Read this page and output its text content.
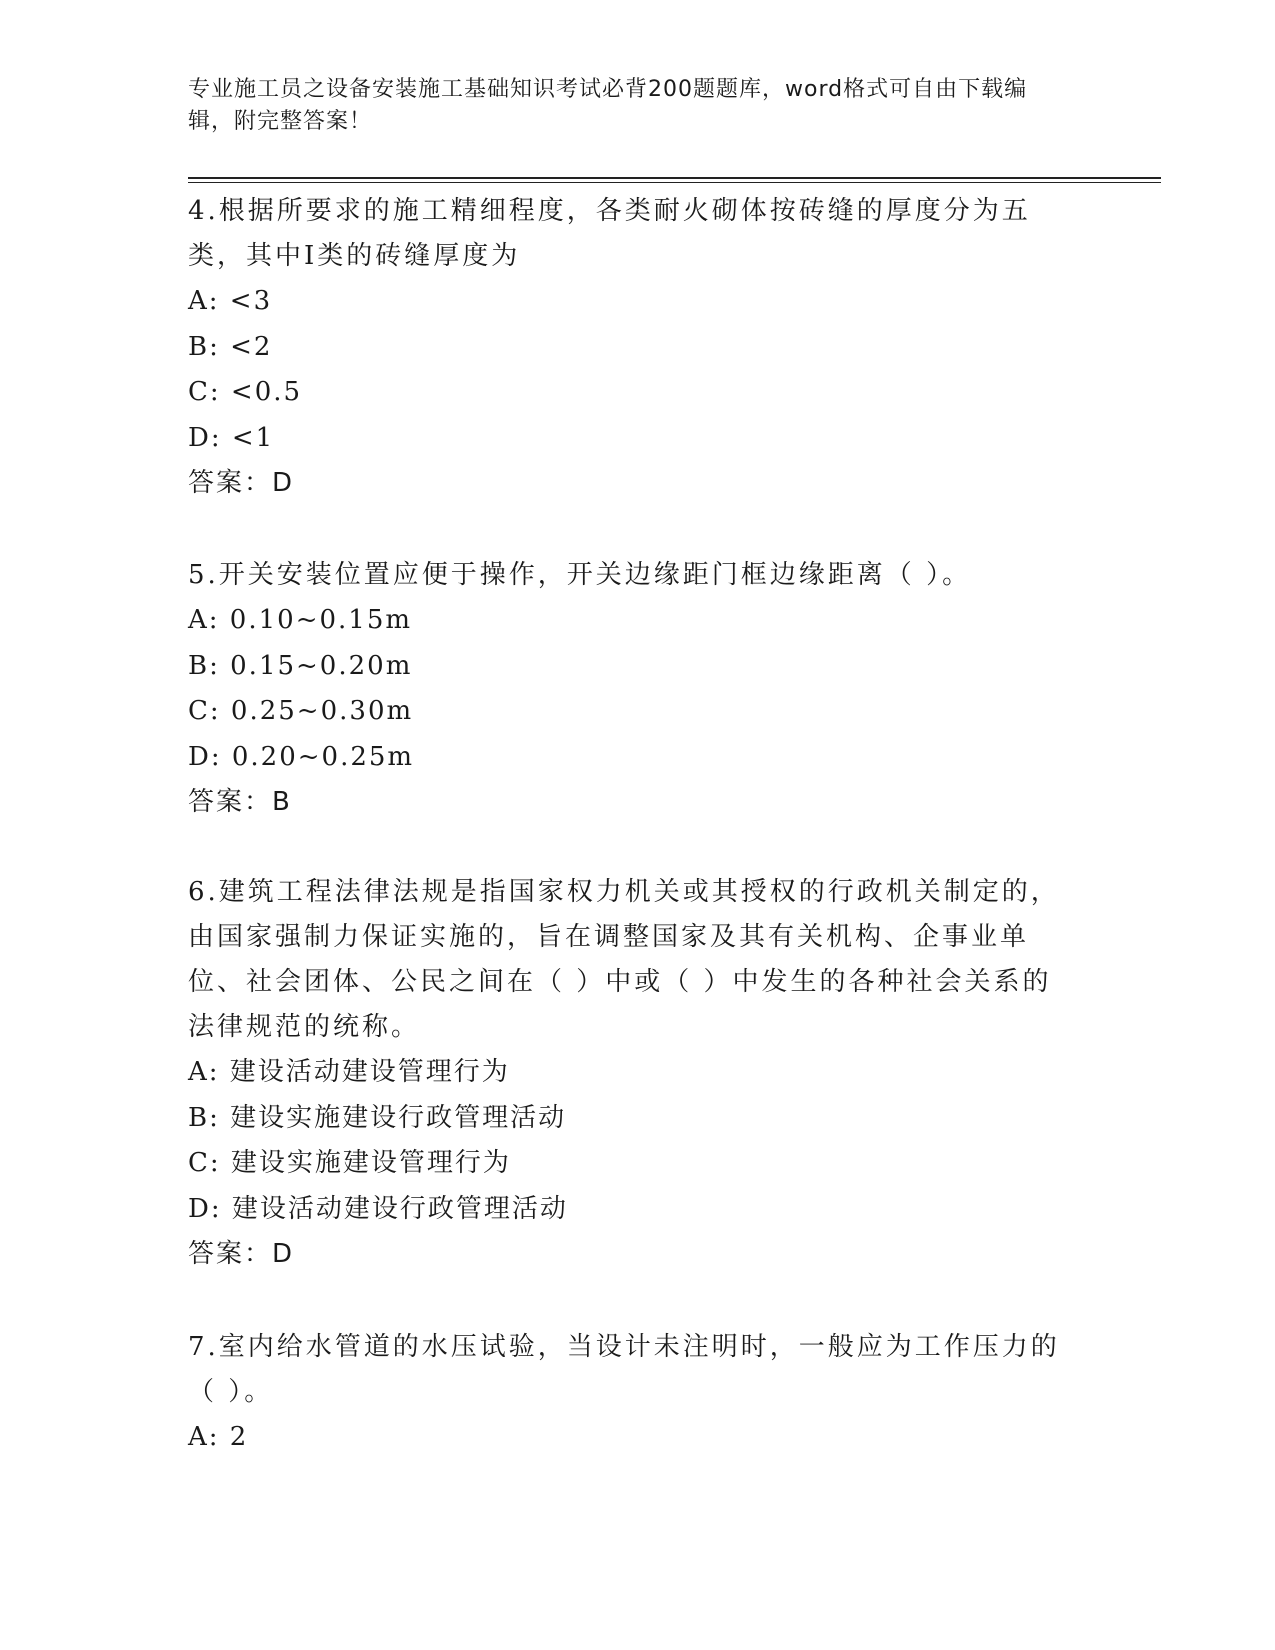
专业施工员之设备安装施工基础知识考试必背200题题库，word格式可自由下载编辑，附完整答案！

4.根据所要求的施工精细程度，各类耐火砌体按砖缝的厚度分为五类，其中Ⅰ类的砖缝厚度为

A: <3

B: <2

C: <0.5

D: <1

答案：D

5.开关安装位置应便于操作，开关边缘距门框边缘距离（ ）。

A: 0.10~0.15m

B: 0.15~0.20m

C: 0.25~0.30m

D: 0.20~0.25m

答案：B

6.建筑工程法律法规是指国家权力机关或其授权的行政机关制定的，由国家强制力保证实施的，旨在调整国家及其有关机构、企事业单位、社会团体、公民之间在（ ）中或（ ）中发生的各种社会关系的法律规范的统称。

A: 建设活动建设管理行为

B: 建设实施建设行政管理活动

C: 建设实施建设管理行为

D: 建设活动建设行政管理活动

答案：D

7.室内给水管道的水压试验，当设计未注明时，一般应为工作压力的（ ）。

A: 2
